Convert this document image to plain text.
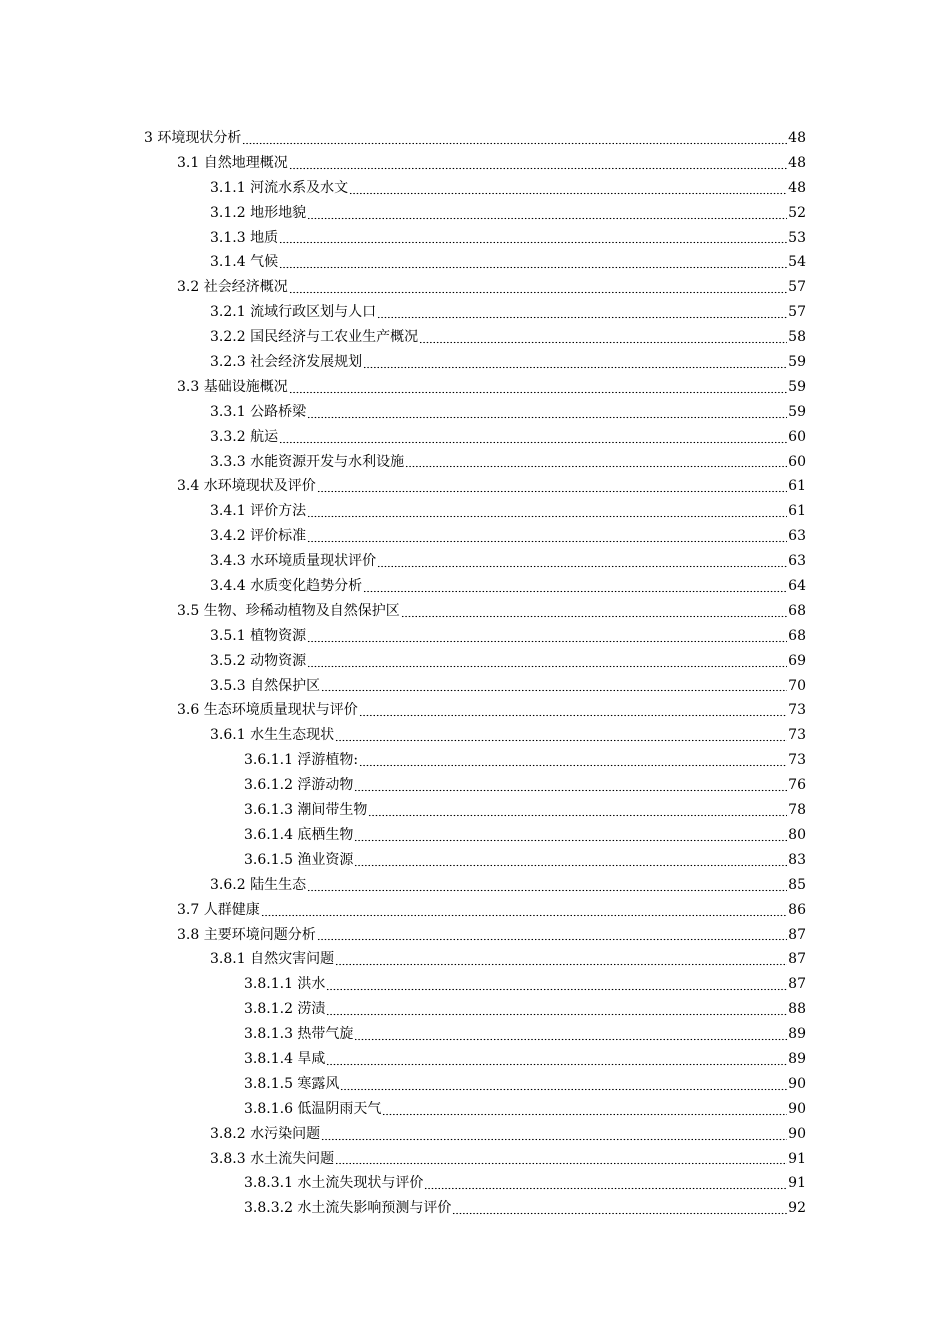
3 环境现状分析	48
3.1 自然地理概况	48
3.1.1 河流水系及水文	48
3.1.2 地形地貌	52
3.1.3 地质	53
3.1.4 气候	54
3.2 社会经济概况	57
3.2.1 流域行政区划与人口	57
3.2.2 国民经济与工农业生产概况	58
3.2.3 社会经济发展规划	59
3.3 基础设施概况	59
3.3.1 公路桥梁	59
3.3.2 航运	60
3.3.3 水能资源开发与水利设施	60
3.4 水环境现状及评价	61
3.4.1 评价方法	61
3.4.2 评价标准	63
3.4.3 水环境质量现状评价	63
3.4.4 水质变化趋势分析	64
3.5 生物、珍稀动植物及自然保护区	68
3.5.1 植物资源	68
3.5.2 动物资源	69
3.5.3 自然保护区	70
3.6 生态环境质量现状与评价	73
3.6.1 水生生态现状	73
3.6.1.1 浮游植物:	73
3.6.1.2 浮游动物	76
3.6.1.3 潮间带生物	78
3.6.1.4 底栖生物	80
3.6.1.5 渔业资源	83
3.6.2 陆生生态	85
3.7 人群健康	86
3.8 主要环境问题分析	87
3.8.1 自然灾害问题	87
3.8.1.1 洪水	87
3.8.1.2 涝渍	88
3.8.1.3 热带气旋	89
3.8.1.4 旱咸	89
3.8.1.5 寒露风	90
3.8.1.6 低温阴雨天气	90
3.8.2 水污染问题	90
3.8.3 水土流失问题	91
3.8.3.1 水土流失现状与评价	91
3.8.3.2 水土流失影响预测与评价	92
